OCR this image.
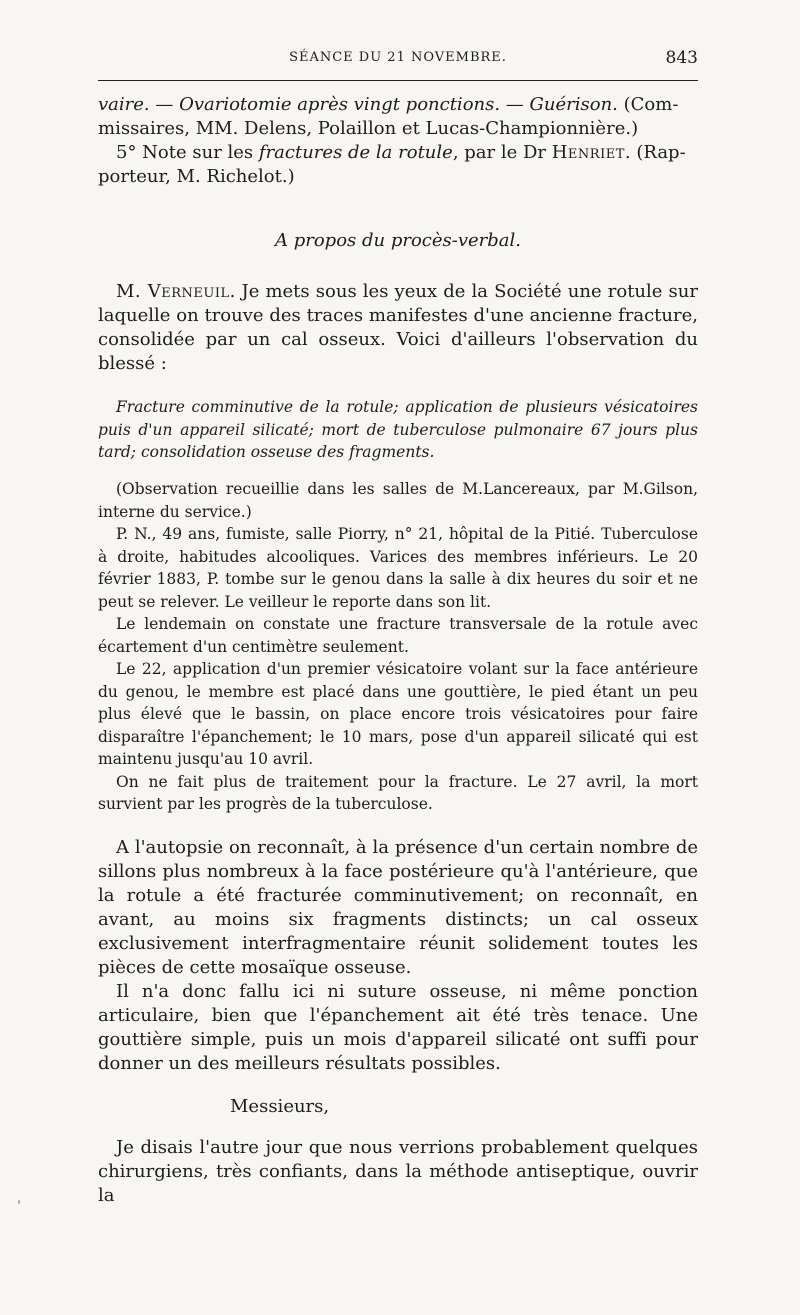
SÉANCE DU 21 NOVEMBRE.	843

vaire. — Ovariotomie après vingt ponctions. — Guérison. (Com-

missaires, MM. Delens, Polaillon et Lucas-Championnière.)

5° Note sur les fractures de la rotule, par le Dr Henriet. (Rap-

porteur, M. Richelot.)

A propos du procès-verbal.

M. Verneuil. Je mets sous les yeux de la Société une rotule sur laquelle on trouve des traces manifestes d'une ancienne fracture, consolidée par un cal osseux. Voici d'ailleurs l'observation du blessé :

Fracture comminutive de la rotule; application de plusieurs vésicatoires puis d'un appareil silicaté; mort de tuberculose pulmonaire 67 jours plus tard; consolidation osseuse des fragments.

(Observation recueillie dans les salles de M.Lancereaux, par M.Gilson, interne du service.)

P. N., 49 ans, fumiste, salle Piorry, n° 21, hôpital de la Pitié. Tuberculose à droite, habitudes alcooliques. Varices des membres inférieurs. Le 20 février 1883, P. tombe sur le genou dans la salle à dix heures du soir et ne peut se relever. Le veilleur le reporte dans son lit.

Le lendemain on constate une fracture transversale de la rotule avec écartement d'un centimètre seulement.

Le 22, application d'un premier vésicatoire volant sur la face antérieure du genou, le membre est placé dans une gouttière, le pied étant un peu plus élevé que le bassin, on place encore trois vésicatoires pour faire disparaître l'épanchement; le 10 mars, pose d'un appareil silicaté qui est maintenu jusqu'au 10 avril.

On ne fait plus de traitement pour la fracture. Le 27 avril, la mort survient par les progrès de la tuberculose.

A l'autopsie on reconnaît, à la présence d'un certain nombre de sillons plus nombreux à la face postérieure qu'à l'antérieure, que la rotule a été fracturée comminutivement; on reconnaît, en avant, au moins six fragments distincts; un cal osseux exclusivement interfragmentaire réunit solidement toutes les pièces de cette mosaïque osseuse.

Il n'a donc fallu ici ni suture osseuse, ni même ponction articulaire, bien que l'épanchement ait été très tenace. Une gouttière simple, puis un mois d'appareil silicaté ont suffi pour donner un des meilleurs résultats possibles.

Messieurs,

Je disais l'autre jour que nous verrions probablement quelques chirurgiens, très confiants, dans la méthode antiseptique, ouvrir la
